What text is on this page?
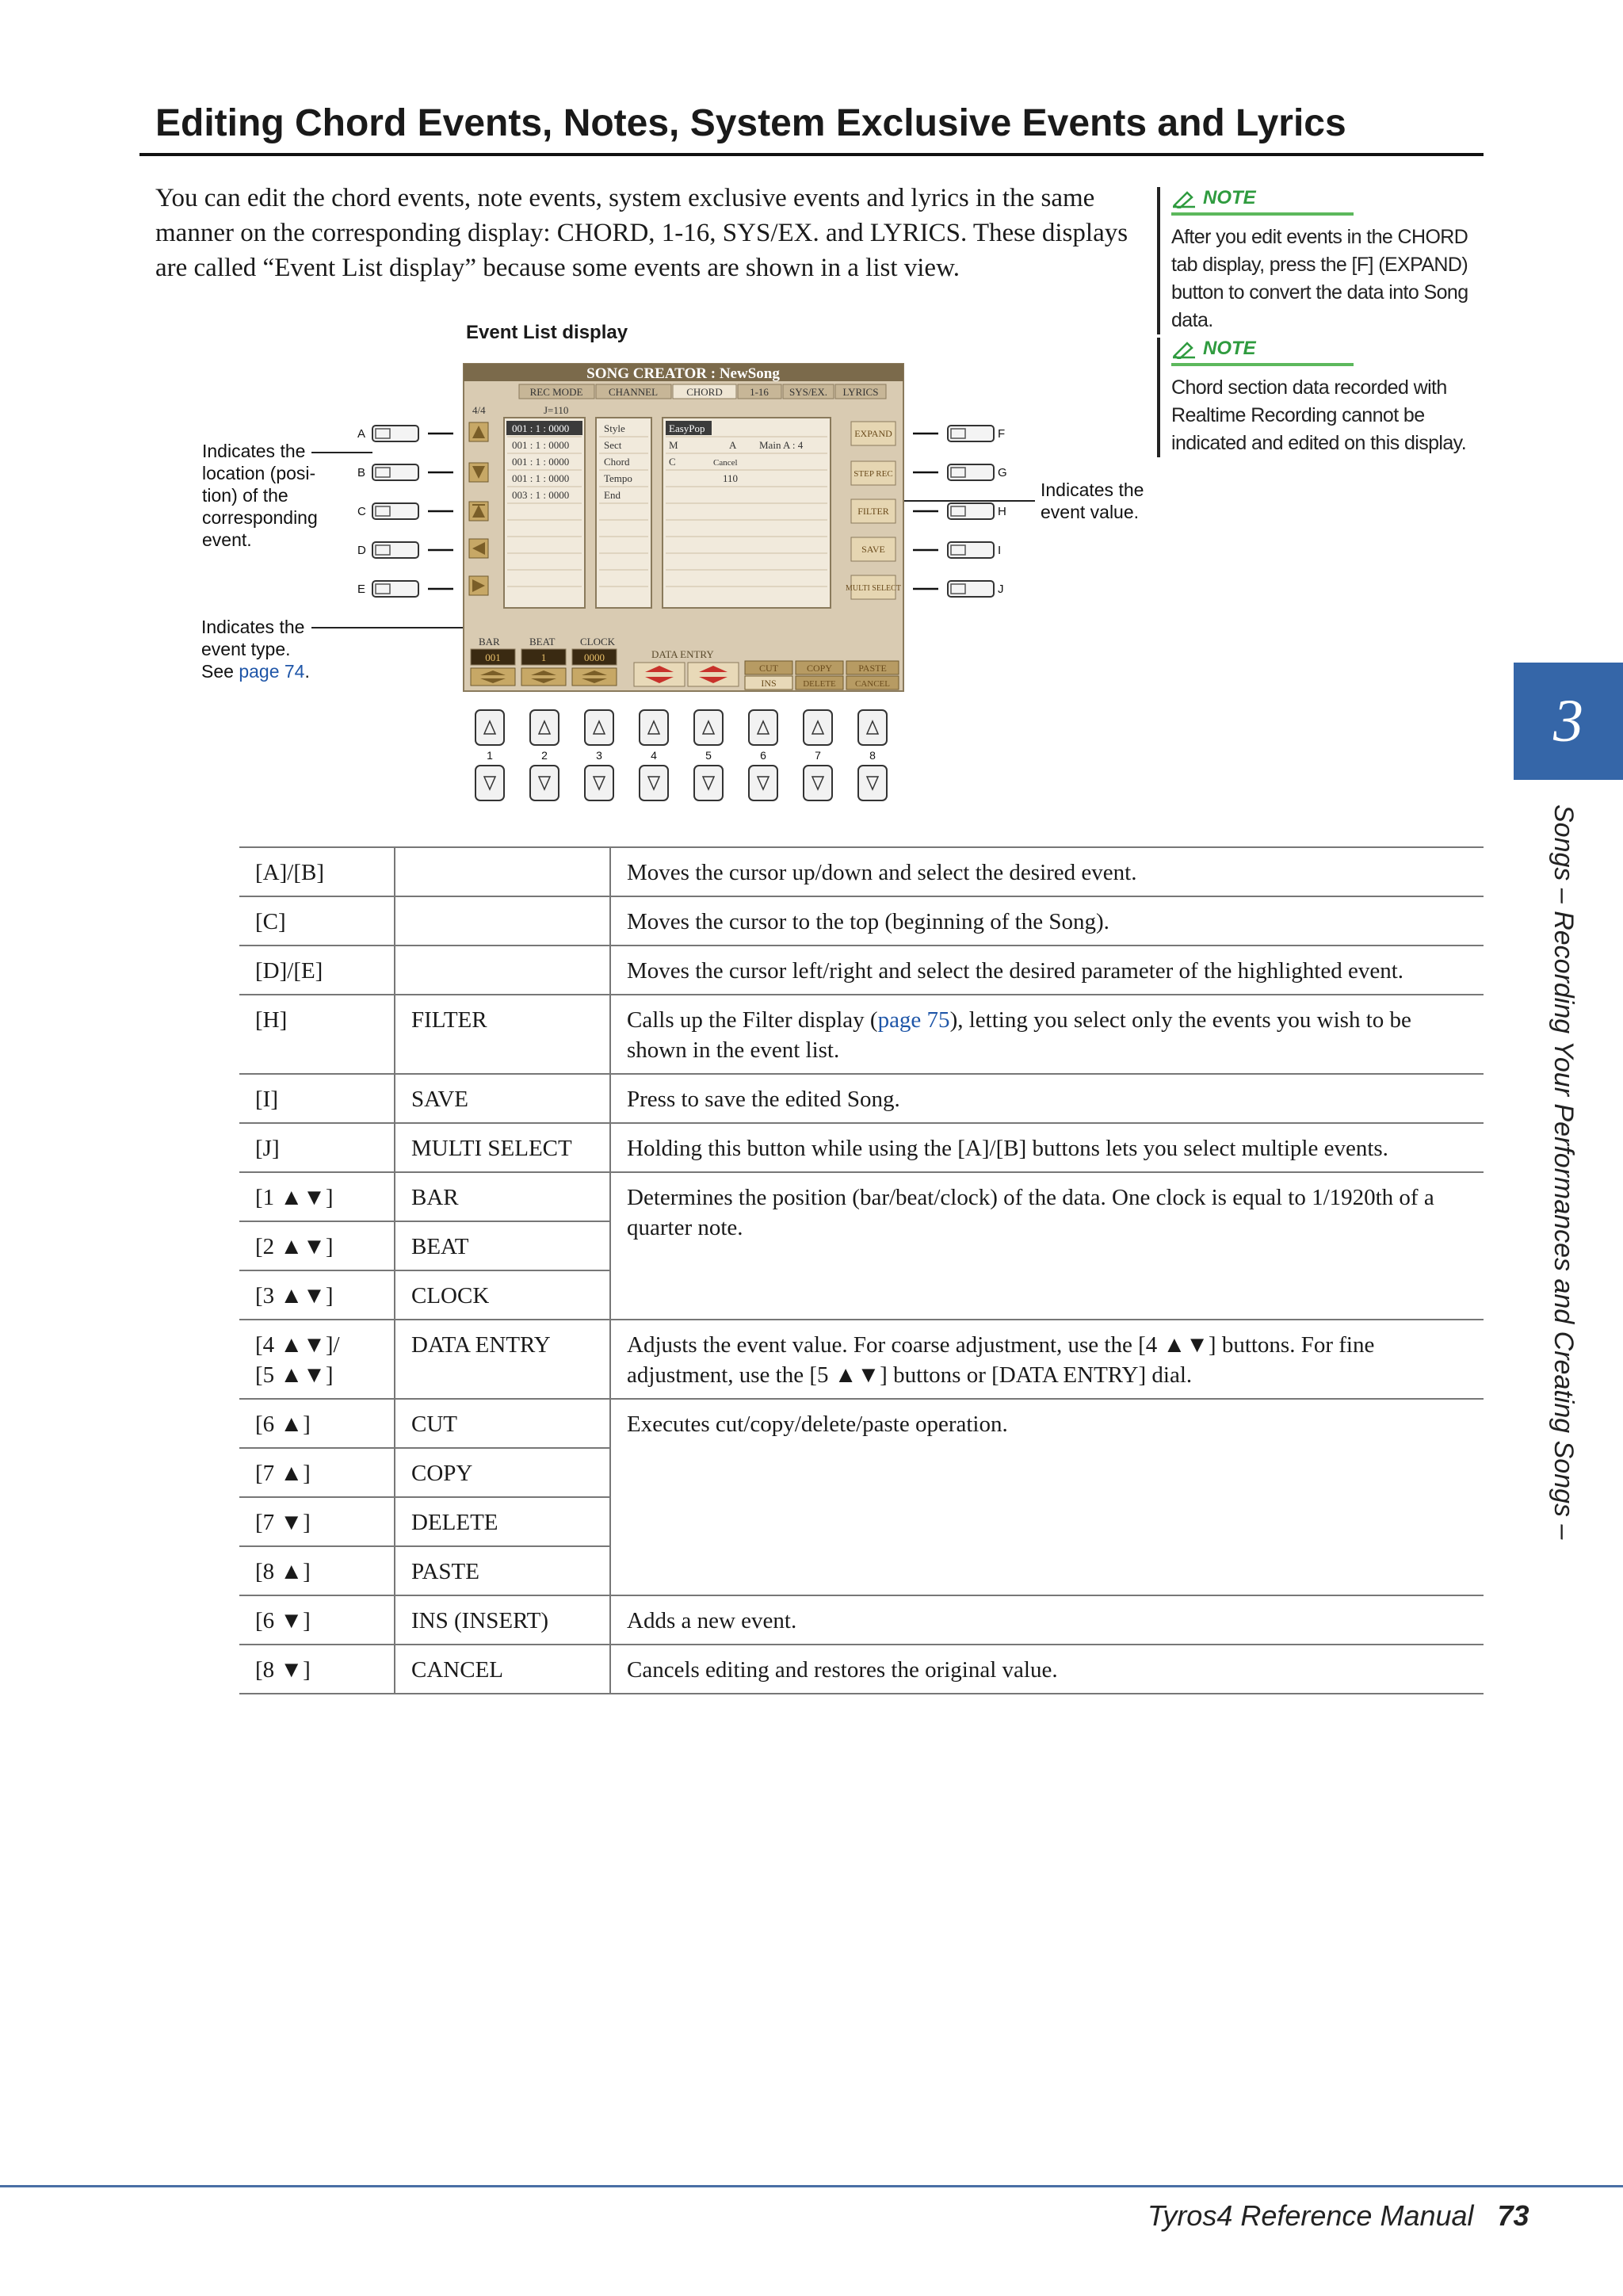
Editing Chord Events, Notes, System Exclusive Events and Lyrics
You can edit the chord events, note events, system exclusive events and lyrics in the same manner on the corresponding display: CHORD, 1-16, SYS/EX. and LYRICS. These displays are called “Event List display” because some events are shown in a list view.
NOTE
After you edit events in the CHORD tab display, press the [F] (EXPAND) button to convert the data into Song data.
NOTE
Chord section data recorded with Realtime Recording cannot be indicated and edited on this display.
Event List display
Indicates the
location (posi-
tion) of the
corresponding
event.
Indicates the
event type.
See page 74.
Indicates the
event value.
SONG CREATOR : NewSong
REC MODE	CHANNEL	CHORD	1-16 SYS/EX. LYRICS
4/4	J=110
001 : 1 : 0000
001 : 1 : 0000
001 : 1 : 0000
001 : 1 : 0000
003 : 1 : 0000
Style
Sect
Chord
Tempo
End
EasyPop
M	A Main A : 4
C	Cancel
110
EXPAND
STEP REC
FILTER
SAVE
MULTI SELECT
BAR	BEAT CLOCK
DATA ENTRY
001	1	0000
CUT
INS
COPY
DELETE
PASTE
CANCEL
A
B
C
D
E
F
G
H
I
J
1	2	3	4	5	6	7	8
3
Songs – Recording Your Performances and Creating Songs –
[A]/[B]		Moves the cursor up/down and select the desired event.
[C]		Moves the cursor to the top (beginning of the Song).
[D]/[E]		Moves the cursor left/right and select the desired parameter of the highlighted event.
[H]	FILTER	Calls up the Filter display (page 75), letting you select only the events you wish to be shown in the event list.
[I]	SAVE	Press to save the edited Song.
[J]	MULTI SELECT	Holding this button while using the [A]/[B] buttons lets you select multiple events.
[1 ▲▼]	BAR	Determines the position (bar/beat/clock) of the data. One clock is equal to 1/1920th of a quarter note.
[2 ▲▼]	BEAT	
[3 ▲▼]	CLOCK	
[4 ▲▼]/
[5 ▲▼]	DATA ENTRY	Adjusts the event value. For coarse adjustment, use the [4 ▲▼] buttons. For fine adjustment, use the [5 ▲▼] buttons or [DATA ENTRY] dial.
[6 ▲]	CUT	Executes cut/copy/delete/paste operation.
[7 ▲]	COPY	
[7 ▼]	DELETE	
[8 ▲]	PASTE	
[6 ▼]	INS (INSERT)	Adds a new event.
[8 ▼]	CANCEL	Cancels editing and restores the original value.
Tyros4 Reference Manual 73
